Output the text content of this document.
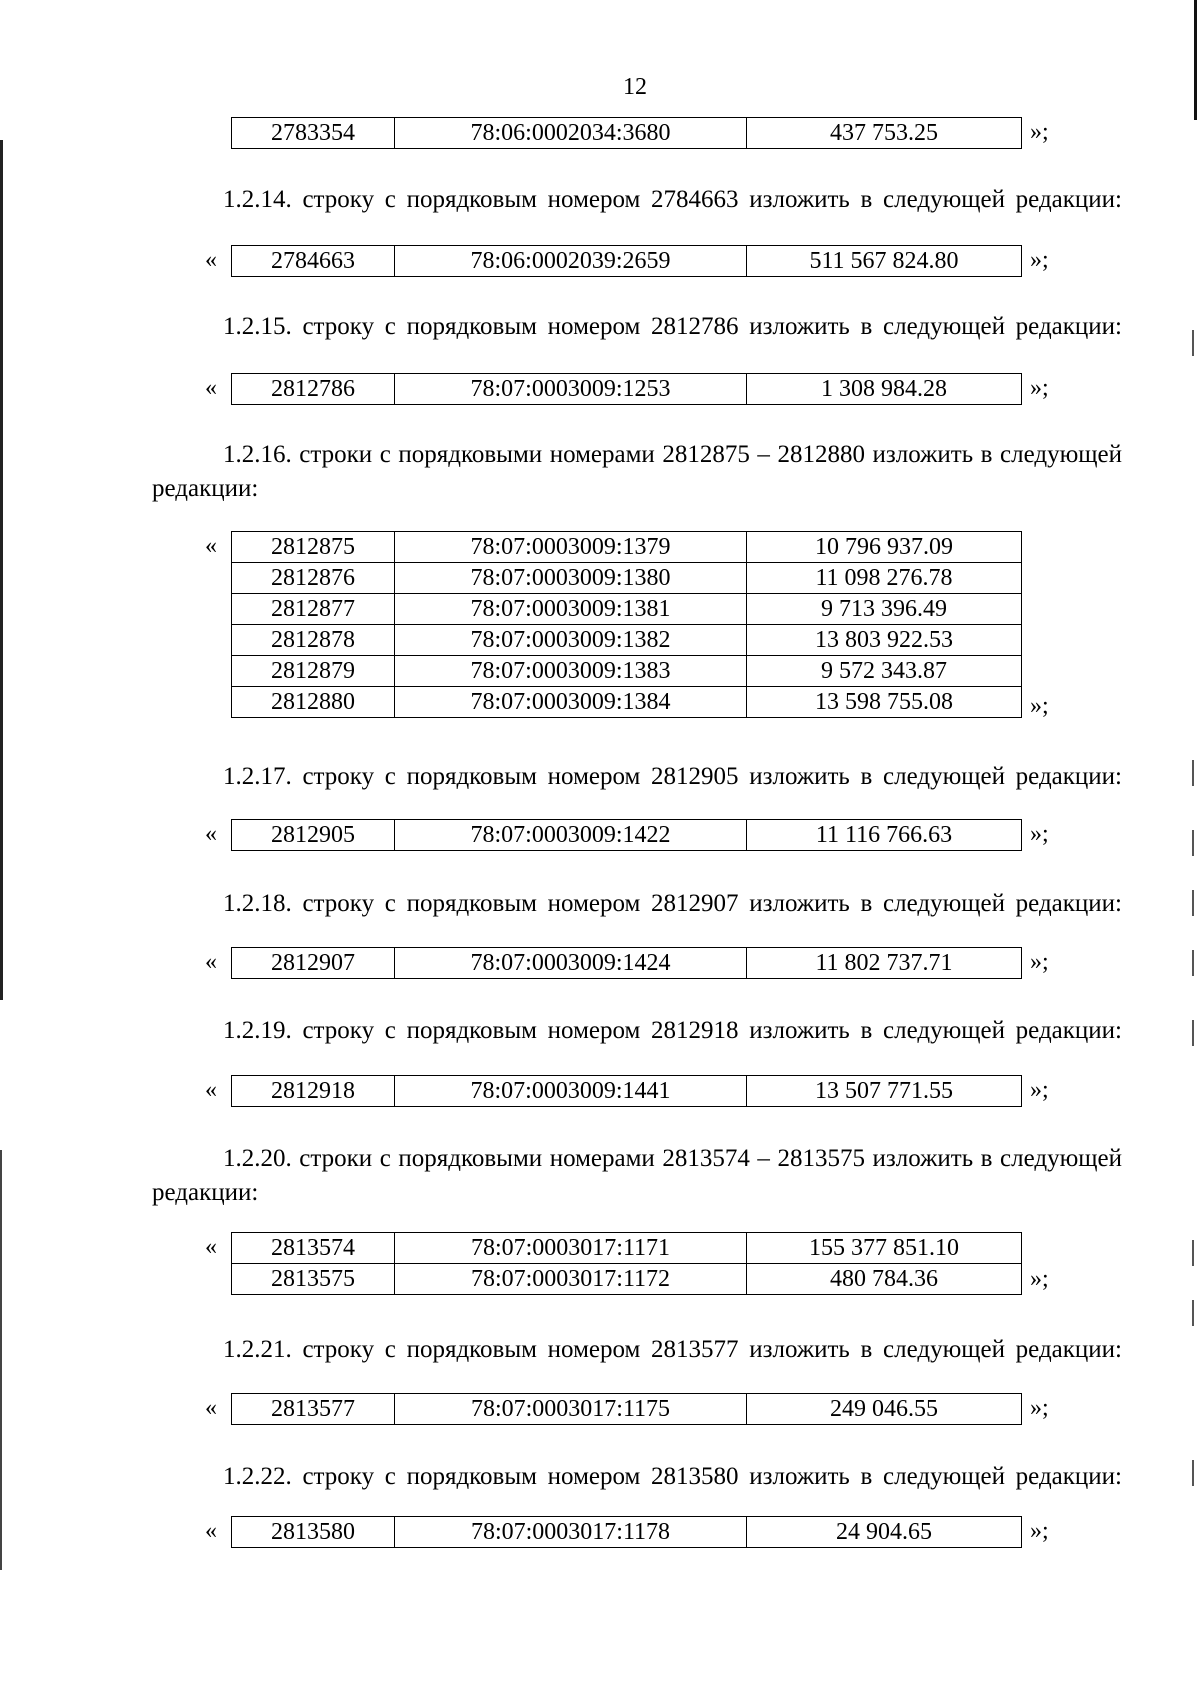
12
2783354	78:06:0002034:3680	437 753.25	»;
1.2.14. строку с порядковым номером 2784663 изложить в следующей редакции:
« 2784663	78:06:0002039:2659	511 567 824.80	»;
1.2.15. строку с порядковым номером 2812786 изложить в следующей редакции:
« 2812786	78:07:0003009:1253	1 308 984.28	»;
1.2.16. строки с порядковыми номерами 2812875 – 2812880 изложить в следующей редакции:
« 2812875	78:07:0003009:1379	10 796 937.09
2812876	78:07:0003009:1380	11 098 276.78
2812877	78:07:0003009:1381	9 713 396.49
2812878	78:07:0003009:1382	13 803 922.53
2812879	78:07:0003009:1383	9 572 343.87
2812880	78:07:0003009:1384	13 598 755.08	»;
1.2.17. строку с порядковым номером 2812905 изложить в следующей редакции:
« 2812905	78:07:0003009:1422	11 116 766.63	»;
1.2.18. строку с порядковым номером 2812907 изложить в следующей редакции:
« 2812907	78:07:0003009:1424	11 802 737.71	»;
1.2.19. строку с порядковым номером 2812918 изложить в следующей редакции:
« 2812918	78:07:0003009:1441	13 507 771.55	»;
1.2.20. строки с порядковыми номерами 2813574 – 2813575 изложить в следующей редакции:
« 2813574	78:07:0003017:1171	155 377 851.10
2813575	78:07:0003017:1172	480 784.36	»;
1.2.21. строку с порядковым номером 2813577 изложить в следующей редакции:
« 2813577	78:07:0003017:1175	249 046.55	»;
1.2.22. строку с порядковым номером 2813580 изложить в следующей редакции:
« 2813580	78:07:0003017:1178	24 904.65	»;
